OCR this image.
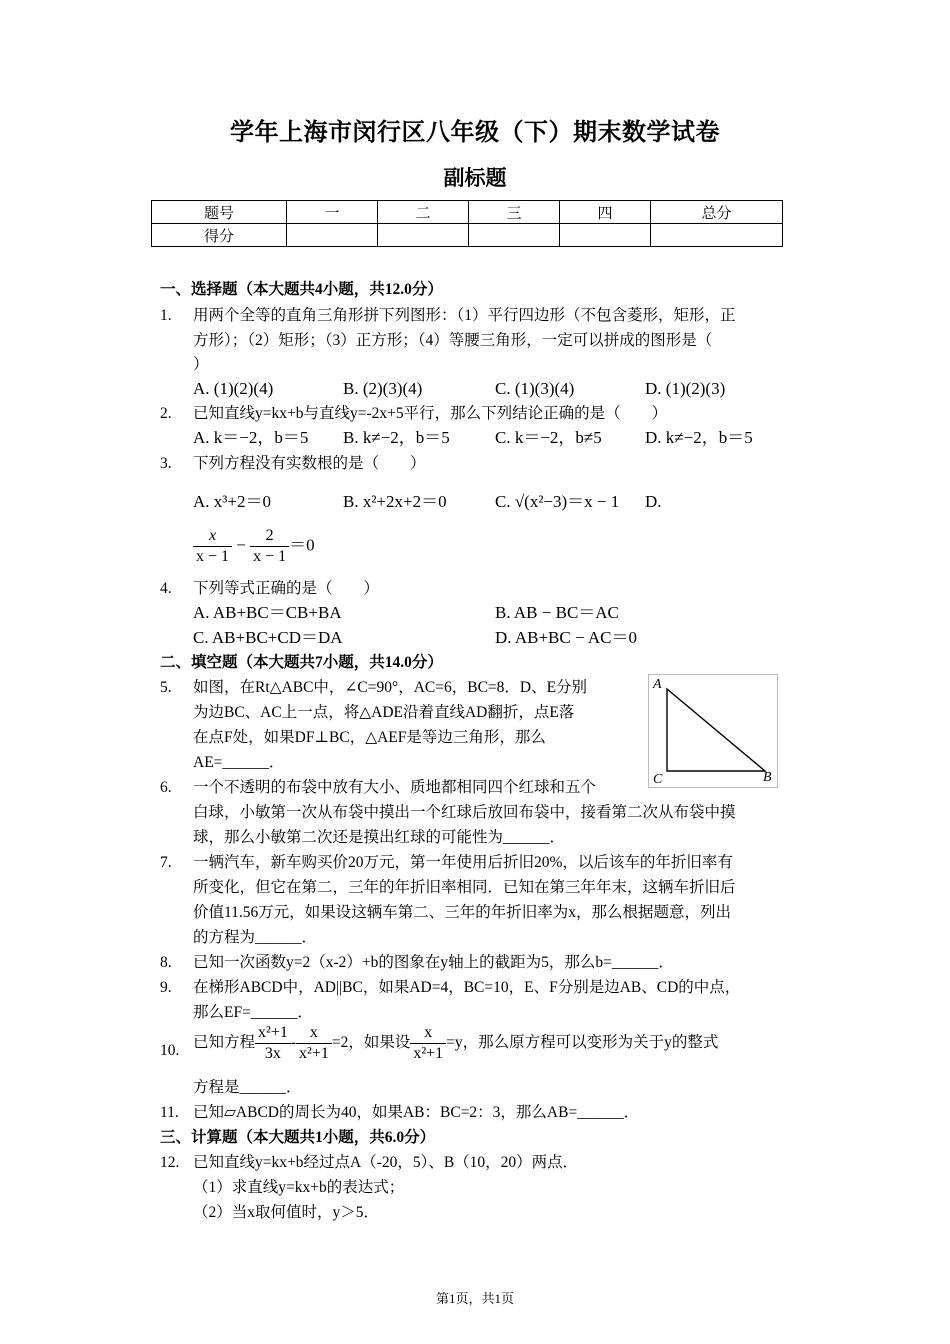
学年上海市闵行区八年级（下）期末数学试卷
副标题
题号	一	二	三	四	总分
得分					
一、选择题（本大题共4小题，共12.0分）
1. 用两个全等的直角三角形拼下列图形：（1）平行四边形（不包含菱形，矩形，正
方形）；（2）矩形；（3）正方形；（4）等腰三角形，一定可以拼成的图形是（
）
A. (1)(2)(4)	B. (2)(3)(4)	C. (1)(3)(4)	D. (1)(2)(3)
2. 已知直线y=kx+b与直线y=-2x+5平行，那么下列结论正确的是（　　）
A. k＝−2，b＝5 B. k≠−2，b＝5	C. k＝−2，b≠5	D. k≠−2，b＝5
3. 下列方程没有实数根的是（　　）
A. x³+2＝0	B. x²+2x+2＝0	C. √(x²−3)＝x − 1 D.
$\frac{x}{x - 1} - \frac{2}{x - 1} =0$
4. 下列等式正确的是（　　）
A. AB+BC＝CB+BA	B. AB − BC＝AC
C. AB+BC+CD＝DA	D. AB+BC − AC＝0
二、填空题（本大题共7小题，共14.0分）
5. 如图，在Rt△ABC中，∠C=90°，AC=6，BC=8．D、E分别
为边BC、AC上一点，将△ADE沿着直线AD翻折，点E落
在点F处，如果DF⊥BC，△AEF是等边三角形，那么
AE=______．
A
C	B
6. 一个不透明的布袋中放有大小、质地都相同四个红球和五个
白球，小敏第一次从布袋中摸出一个红球后放回布袋中，接看第二次从布袋中摸
球，那么小敏第二次还是摸出红球的可能性为______．
7. 一辆汽车，新车购买价20万元，第一年使用后折旧20%，以后该车的年折旧率有
所变化，但它在第二，三年的年折旧率相同．已知在第三年年末，这辆车折旧后
价值11.56万元，如果设这辆车第二、三年的年折旧率为x，那么根据题意，列出
的方程为______．
8. 已知一次函数y=2（x-2）+b的图象在y轴上的截距为5，那么b=______．
9. 在梯形ABCD中，AD||BC，如果AD=4，BC=10，E、F分别是边AB、CD的中点，
那么EF=______．
10. 已知方程 $\frac{\text{x²+1}}{3x} - \frac{x}{\text{x²+1}} =2$，如果设 $\frac{x}{\text{x²+1}} =y$，那么原方程可以变形为关于y的整式
方程是______．
11. 已知▱ABCD的周长为40，如果AB：BC=2：3，那么AB=______．
三、计算题（本大题共1小题，共6.0分）
12. 已知直线y=kx+b经过点A（-20，5）、B（10，20）两点．
（1）求直线y=kx+b的表达式；
（2）当x取何值时，y＞5．
第1页，共1页
